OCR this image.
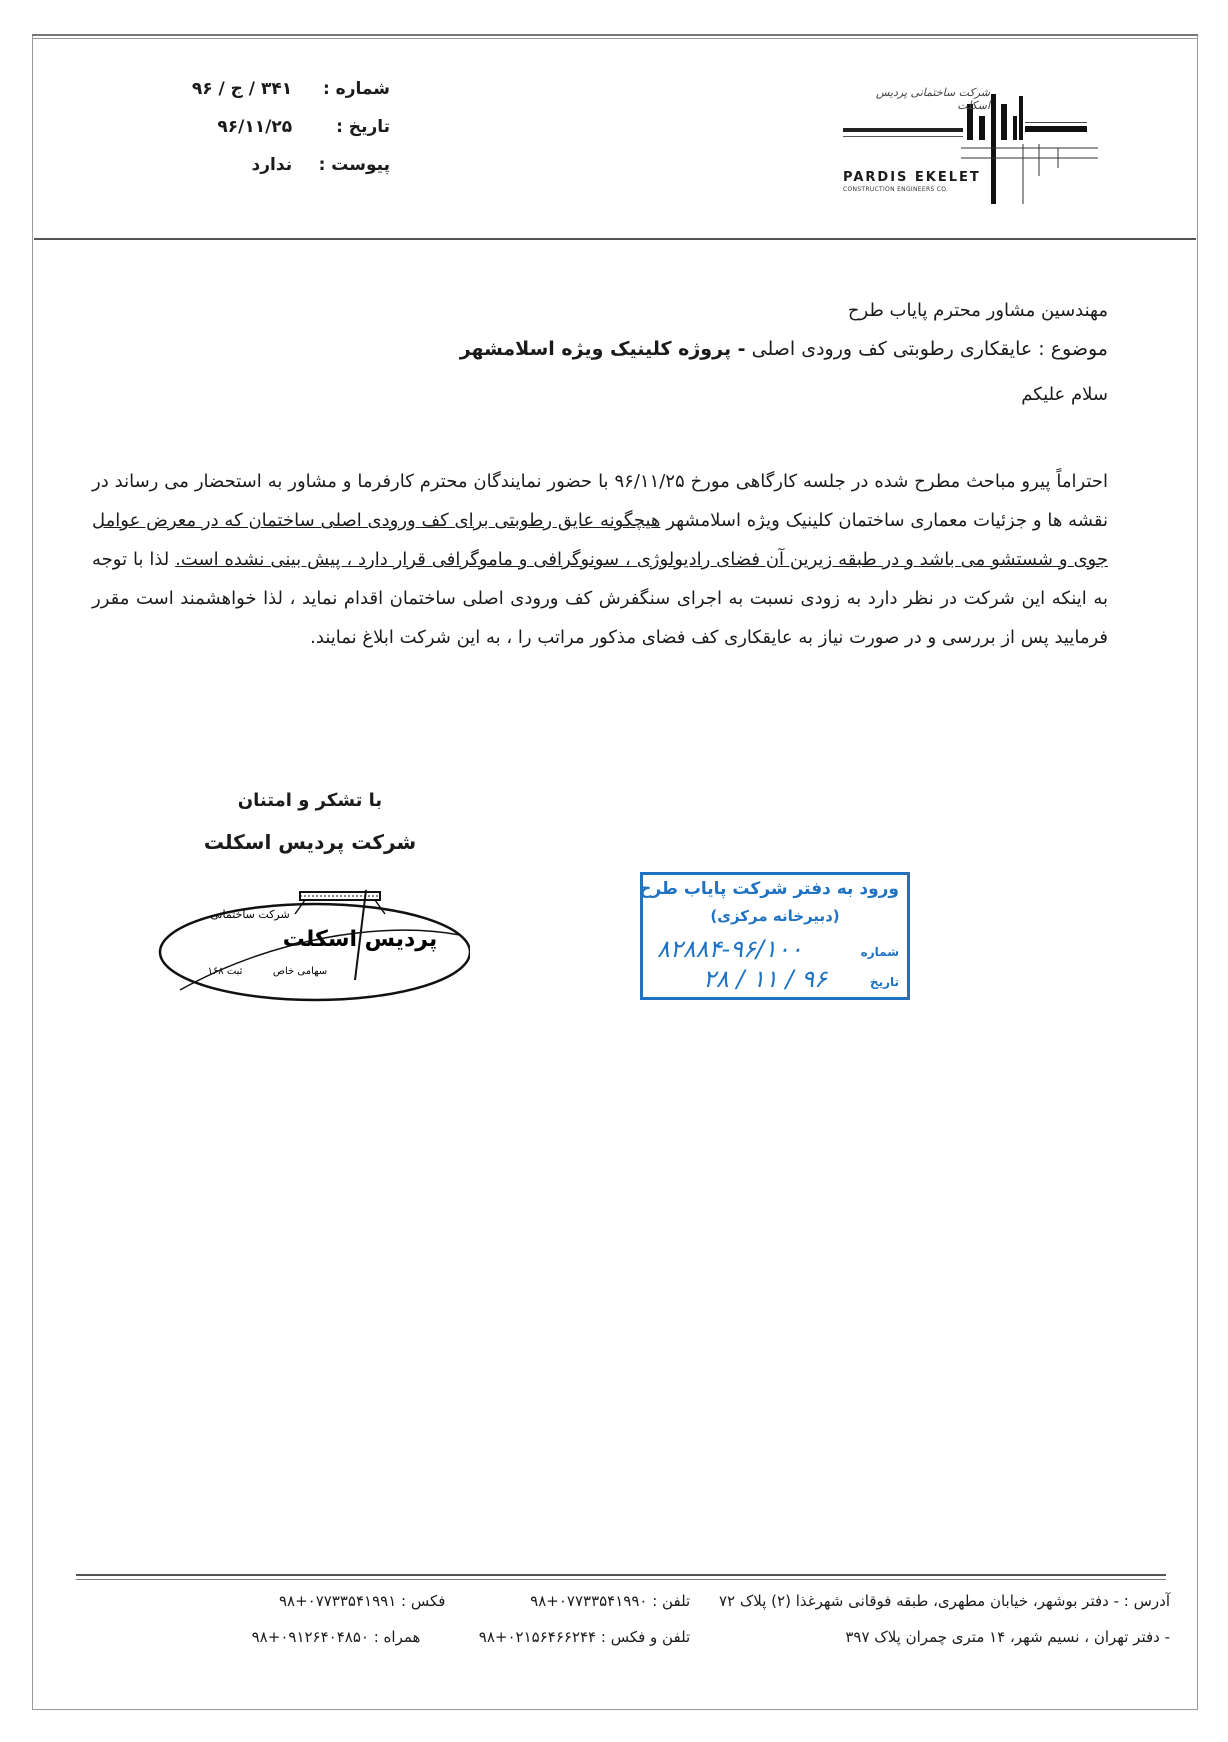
شماره : ۳۴۱ / ج / ۹۶
تاریخ : ۹۶/۱۱/۲۵
پیوست : ندارد
شرکت ساختمانی پردیس اسکلت
PARDIS EKELET
CONSTRUCTION ENGINEERS CO.
مهندسین مشاور محترم پایاب طرح
موضوع : عایقکاری رطوبتی کف ورودی اصلی - پروژه کلینیک ویژه اسلامشهر
سلام علیکم
احتراماً پیرو مباحث مطرح شده در جلسه کارگاهی مورخ ۹۶/۱۱/۲۵ با حضور نمایندگان محترم کارفرما و مشاور به استحضار می رساند در نقشه ها و جزئیات معماری ساختمان کلینیک ویژه اسلامشهر هیچگونه عایق رطوبتی برای کف ورودی اصلی ساختمان که در معرض عوامل جوی و شستشو می باشد و در طبقه زیرین آن فضای رادیولوژی ، سونوگرافی و ماموگرافی قرار دارد ، پیش بینی نشده است. لذا با توجه به اینکه این شرکت در نظر دارد به زودی نسبت به اجرای سنگفرش کف ورودی اصلی ساختمان اقدام نماید ، لذا خواهشمند است مقرر فرمایید پس از بررسی و در صورت نیاز به عایقکاری کف فضای مذکور مراتب را ، به این شرکت ابلاغ نمایند.
با تشکر و امتنان
شرکت پردیس اسکلت
شرکت ساختمانی
پردیس اسکلت
سهامی خاص
ثبت ۱۶۸
ورود به دفتر شرکت پایاب طرح
(دبیرخانه مرکزی)
شماره
۸۲۸۸۴-۹۶/۱۰۰
تاریخ
۹۶ / ۱۱ / ۲۸
آدرس : - دفتر بوشهر، خیابان مطهری، طبقه فوقانی شهرغذا (۲) پلاک ۷۲ تلفن : ۰۷۷۳۳۵۴۱۹۹۰+۹۸ فکس : ۰۷۷۳۳۵۴۱۹۹۱+۹۸
- دفتر تهران ، نسیم شهر، ۱۴ متری چمران پلاک ۳۹۷ تلفن و فکس : ۰۲۱۵۶۴۶۶۲۴۴+۹۸ همراه : ۰۹۱۲۶۴۰۴۸۵۰+۹۸
